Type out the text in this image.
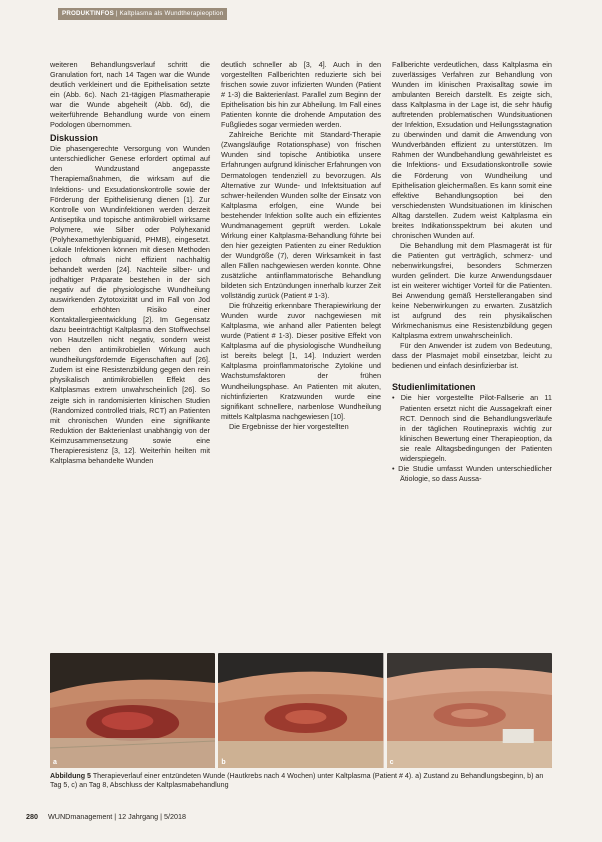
PRODUKTINFOS | Kaltplasma als Wundtherapieoption

weiteren Behandlungsverlauf schritt die Granulation fort, nach 14 Tagen war die Wunde deutlich verkleinert und die Epithelisation setzte ein (Abb. 6c). Nach 21-tägigen Plasmatherapie war die Wunde abgeheilt (Abb. 6d), die weiterführende Behandlung wurde von einem Podologen übernommen.

Diskussion

Die phasengerechte Versorgung von Wunden unterschiedlicher Genese erfordert optimal auf den Wundzustand angepasste Therapiemaßnahmen, die wirksam auf die Infektions- und Exsudationskontrolle sowie der Förderung der Epithelisierung dienen [1]. Zur Kontrolle von Wundinfektionen werden derzeit Antiseptika und topische antimikrobiell wirksame Polymere, wie Silber oder Polyhexanid (Polyhexamethylenbiguanid, PHMB), eingesetzt. Lokale Infektionen können mit diesen Methoden jedoch oftmals nicht effizient nachhaltig behandelt werden [24]. Nachteile silber- und jodhaltiger Präparate bestehen in der sich negativ auf die physiologische Wundheilung auswirkenden Zytotoxizität und im Fall von Jod dem erhöhten Risiko einer Kontaktallergieentwicklung [2]. Im Gegensatz dazu beeinträchtigt Kaltplasma den Stoffwechsel von Hautzellen nicht negativ, sondern weist neben den antimikrobiellen Wirkung auch wundheilungsfördernde Eigenschaften auf [26]. Zudem ist eine Resistenzbildung gegen den rein physikalisch antimikrobiellen Effekt des Kaltplasmas extrem unwahrscheinlich [26]. So zeigte sich in randomisierten klinischen Studien (Randomized controlled trials, RCT) an Patienten mit chronischen Wunden eine signifikante Reduktion der Bakterienlast unabhängig von der Keimzusammensetzung sowie eine Therapieresistenz [3, 12]. Weiterhin heilten mit Kaltplasma behandelte Wunden

deutlich schneller ab [3, 4]. Auch in den vorgestellten Fallberichten reduzierte sich bei frischen sowie zuvor infizierten Wunden (Patient # 1-3) die Bakterienlast. Parallel zum Beginn der Epithelisation bis hin zur Abheilung. Im Fall eines Patienten konnte die drohende Amputation des Fußgliedes sogar vermieden werden.

Zahlreiche Berichte mit Standard-Therapie (Zwangsläufige Rotationsphase) von frischen Wunden sind topische Antibiotika unsere Erfahrungen aufgrund klinischer Erfahrungen von Dermatologen tendenziell zu bevorzugen. Als Alternative zur Wunde- und Infektsituation auf schwer-heilenden Wunden sollte der Einsatz von Kaltplasma erfolgen, eine Wunde bei bestehender Infektion sollte auch ein effizientes Wundmanagement geprüft werden. Lokale Wirkung einer Kaltplasma-Behandlung führte bei den hier gezeigten Patienten zu einer Reduktion der Wundgröße (7), deren Wirksamkeit in fast allen Fällen nachgewiesen werden konnte. Ohne zusätzliche antiinflammatorische Behandlung bildeten sich Entzündungen innerhalb kurzer Zeit vollständig zurück (Patient # 1-3).

Die frühzeitig erkennbare Therapiewirkung der Wunden wurde zuvor nachgewiesen mit Kaltplasma, wie anhand aller Patienten belegt wurde (Patient # 1-3). Dieser positive Effekt von Kaltplasma auf die physiologische Wundheilung ist bereits belegt [1, 14]. Induziert werden Kaltplasma proinflammatorische Zytokine und Wachstumsfaktoren der frühen Wundheilungsphase. An Patienten mit akuten, nichtinfizierten Kratzwunden wurde eine signifikant schnellere, narbenlose Wundheilung mittels Kaltplasma nachgewiesen [10].

Die Ergebnisse der hier vorgestellten

Fallberichte verdeutlichen, dass Kaltplasma ein zuverlässiges Verfahren zur Behandlung von Wunden im klinischen Praxisalltag sowie im ambulanten Bereich darstellt. Es zeigte sich, dass Kaltplasma in der Lage ist, die sehr häufig auftretenden problematischen Wundsituationen der Infektion, Exsudation und Heilungsstagnation zu überwinden und damit die Anwendung von Wundverbänden effizient zu unterstützen. Im Rahmen der Wundbehandlung gewährleistet es die Infektions- und Exsudationskontrolle sowie die Förderung von Wundheilung und Epithelisation gleichermaßen. Es kann somit eine effektive Behandlungsoption bei den verschiedensten Wundsituationen im klinischen Alltag darstellen. Zudem weist Kaltplasma ein breites Indikationsspektrum bei akuten und chronischen Wunden auf.

Die Behandlung mit dem Plasmagerät ist für die Patienten gut verträglich, schmerz- und nebenwirkungsfrei, besonders Schmerzen wurden gelindert. Die kurze Anwendungsdauer ist ein weiterer wichtiger Vorteil für die Patienten. Bei Anwendung gemäß Herstellerangaben sind keine Nebenwirkungen zu erwarten. Zusätzlich ist aufgrund des rein physikalischen Wirkmechanismus eine Resistenzbildung gegen Kaltplasma extrem unwahrscheinlich.

Für den Anwender ist zudem von Bedeutung, dass der Plasmajet mobil einsetzbar, leicht zu bedienen und einfach desinfizierbar ist.

Studienlimitationen
• Die hier vorgestellte Pilot-Fallserie an 11 Patienten ersetzt nicht die Aussagekraft einer RCT. Dennoch sind die Behandlungsverläufe in der täglichen Routinepraxis wichtig zur klinischen Bewertung einer Therapieoption, da sie reale Alltagsbedingungen der Patienten widerspiegeln.
• Die Studie umfasst Wunden unterschiedlicher Ätiologie, so dass Aussa-
a	b	c
Abbildung 5 Therapieverlauf einer entzündeten Wunde (Hautkrebs nach 4 Wochen) unter Kaltplasma (Patient # 4). a) Zustand zu Behandlungsbeginn, b) an Tag 5, c) an Tag 8, Abschluss der Kaltplasmabehandlung
280 WUNDmanagement | 12 Jahrgang | 5/2018
